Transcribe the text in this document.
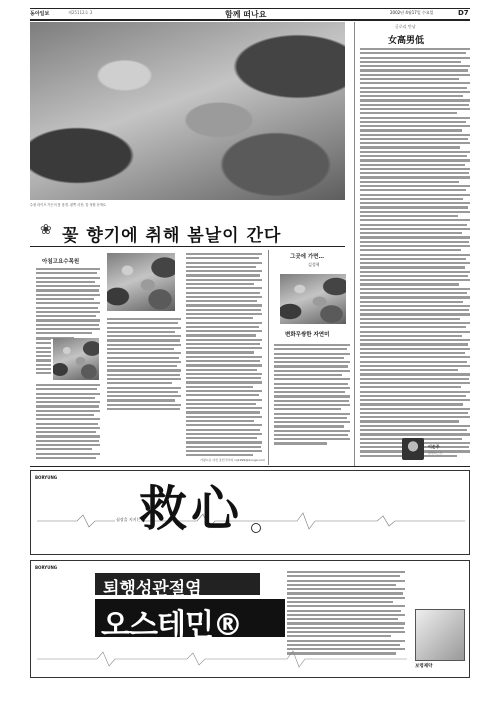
동아일보	제25112호 3	함께 떠나요	2002년 4월17일 수요일	D7
수원 라이프 가든의 봄 풍경. 왼쪽 사진: 꽃 정원 산책로
글로리 만남
女高男低
이순주
칼럼니스트
❀ 꽃 향기에 취해 봄날이 간다
아침고요수목원
가평=글·사진 조인직기자 cij1999@donga.com
그곳에 가면…
김성혁
변화무쌍한 자연미
BORYUNG
심장을 지키는
救心
BORYUNG
퇴행성관절염
오스테민®
보령제약
